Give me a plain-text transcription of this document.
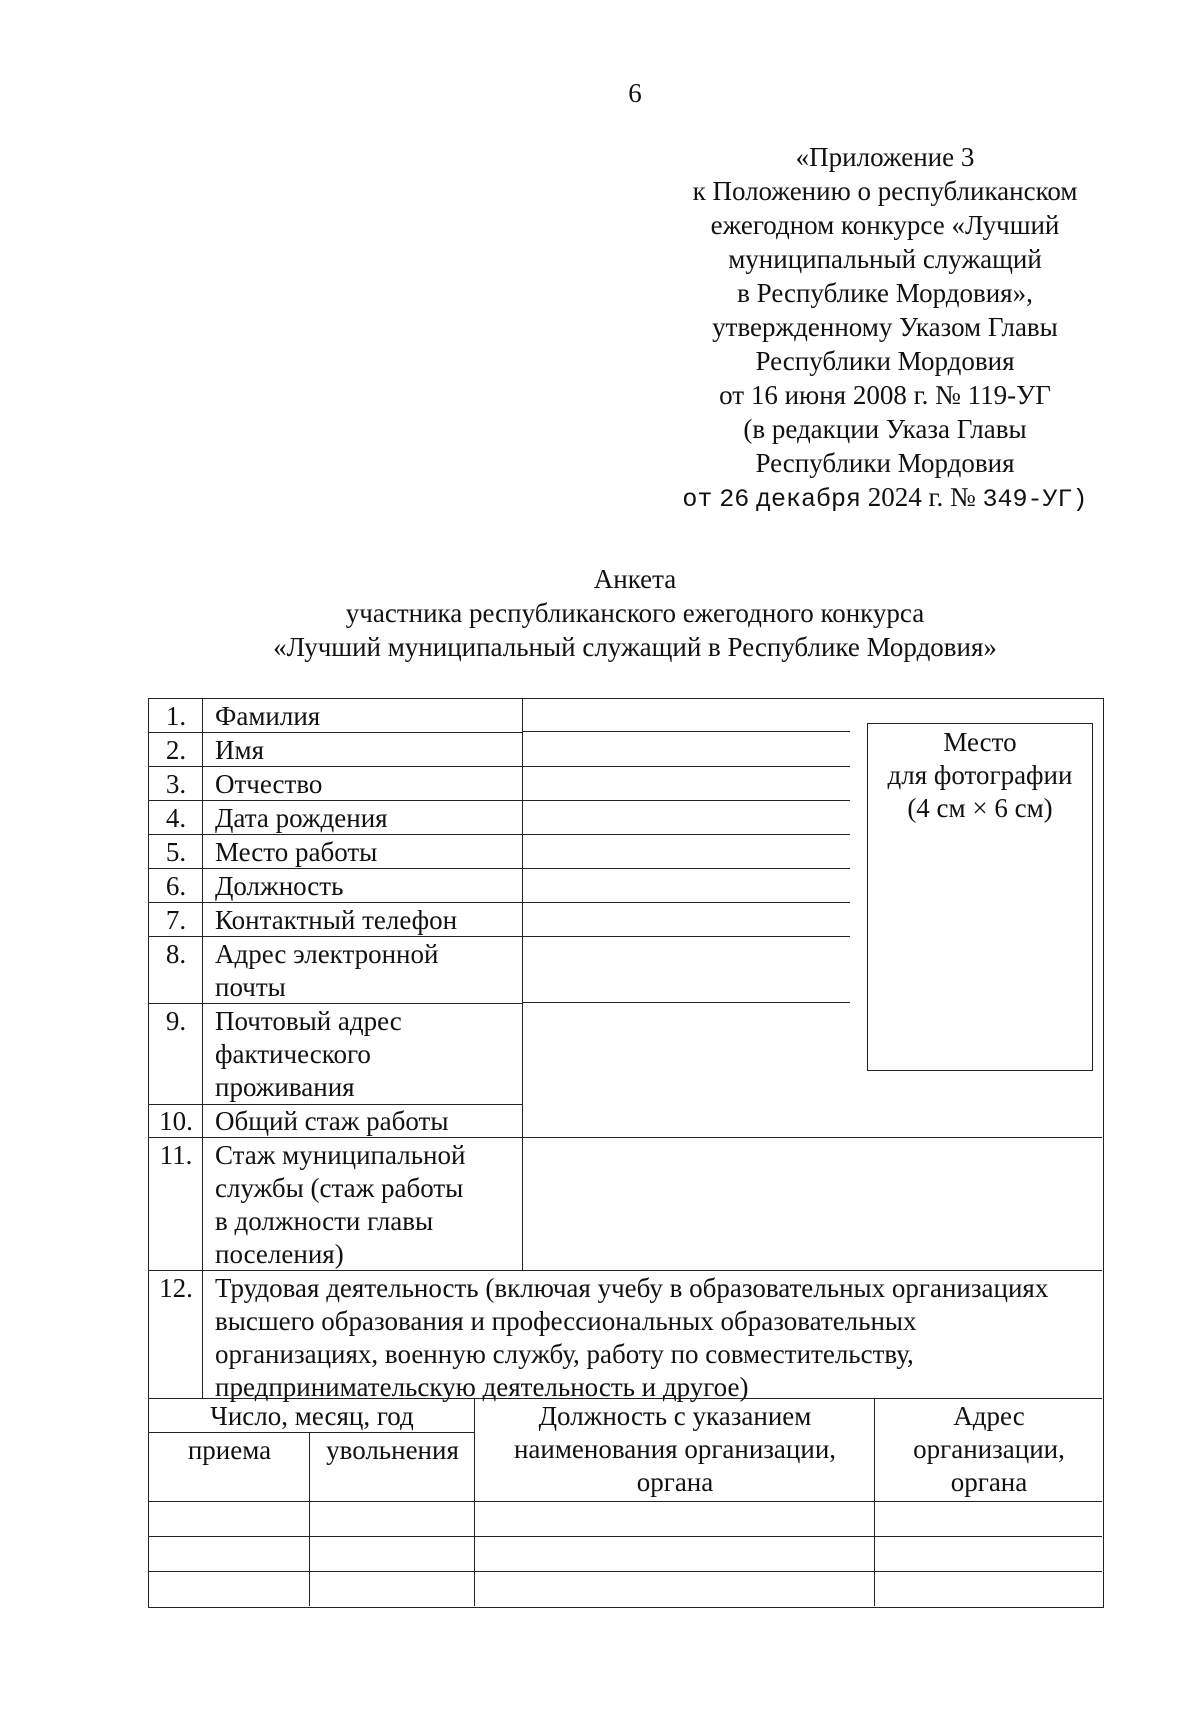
6
«Приложение 3
к Положению о республиканском
ежегодном конкурсе «Лучший
муниципальный служащий
в Республике Мордовия»,
утвержденному Указом Главы
Республики Мордовия
от 16 июня 2008 г. № 119-УГ
(в редакции Указа Главы
Республики Мордовия
от 26 декабря 2024 г. № 349-УГ)
Анкета
участника республиканского ежегодного конкурса
«Лучший муниципальный служащий в Республике Мордовия»
Место
для фотографии
(4 см × 6 см)
1.
2.
3.
4.
5.
6.
7.
8.
9.
10.
11.
12.
Фамилия
Имя
Отчество
Дата рождения
Место работы
Должность
Контактный телефон
Адрес электронной
почты
Почтовый адрес
фактического
проживания
Общий стаж работы
Стаж муниципальной
службы (стаж работы
в должности главы
поселения)
Трудовая деятельность (включая учебу в образовательных организациях
высшего образования и профессиональных образовательных
организациях, военную службу, работу по совместительству,
предпринимательскую деятельность и другое)
Число, месяц, год
приема	увольнения
Должность с указанием
наименования организации,
органа
Адрес
организации,
органа
